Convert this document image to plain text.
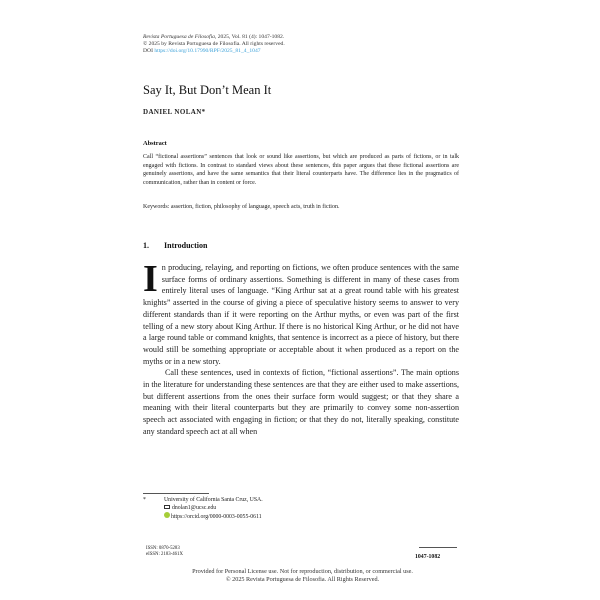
Revista Portuguesa de Filosofia, 2025, Vol. 81 (4): 1047-1082.
© 2025 by Revista Portuguesa de Filosofia. All rights reserved.
DOI https://doi.org/10.17990/RPF/2025_81_4_1047
Say It, But Don’t Mean It
DANIEL NOLAN*
Abstract
Call “fictional assertions” sentences that look or sound like assertions, but which are produced as parts of fictions, or in talk engaged with fictions. In contrast to standard views about these sentences, this paper argues that these fictional assertions are genuinely assertions, and have the same semantics that their literal counterparts have. The difference lies in the pragmatics of communication, rather than in content or force.
Keywords: assertion, fiction, philosophy of language, speech acts, truth in fiction.
1. Introduction

In producing, relaying, and reporting on fictions, we often produce sentences with the same surface forms of ordinary assertions. Something is different in many of these cases from entirely literal uses of language. “King Arthur sat at a great round table with his greatest knights” asserted in the course of giving a piece of speculative history seems to answer to very different standards than if it were reporting on the Arthur myths, or even was part of the first telling of a new story about King Arthur. If there is no historical King Arthur, or he did not have a large round table or command knights, that sentence is incorrect as a piece of history, but there would still be something appropriate or acceptable about it when produced as a report on the myths or in a new story.

Call these sentences, used in contexts of fiction, “fictional assertions”. The main options in the literature for understanding these sentences are that they are either used to make assertions, but different assertions from the ones their surface form would suggest; or that they share a meaning with their literal counterparts but they are primarily to convey some non-assertion speech act associated with engaging in fiction; or that they do not, literally speaking, constitute any standard speech act at all when

*	University of California Santa Cruz, USA.
dnolan1@ucsc.edu
https://orcid.org/0000-0003-0055-0611
ISSN: 0870-5283
eISSN: 2183-461X	1047-1082
Provided for Personal License use. Not for reproduction, distribution, or commercial use.
© 2025 Revista Portuguesa de Filosofia. All Rights Reserved.
